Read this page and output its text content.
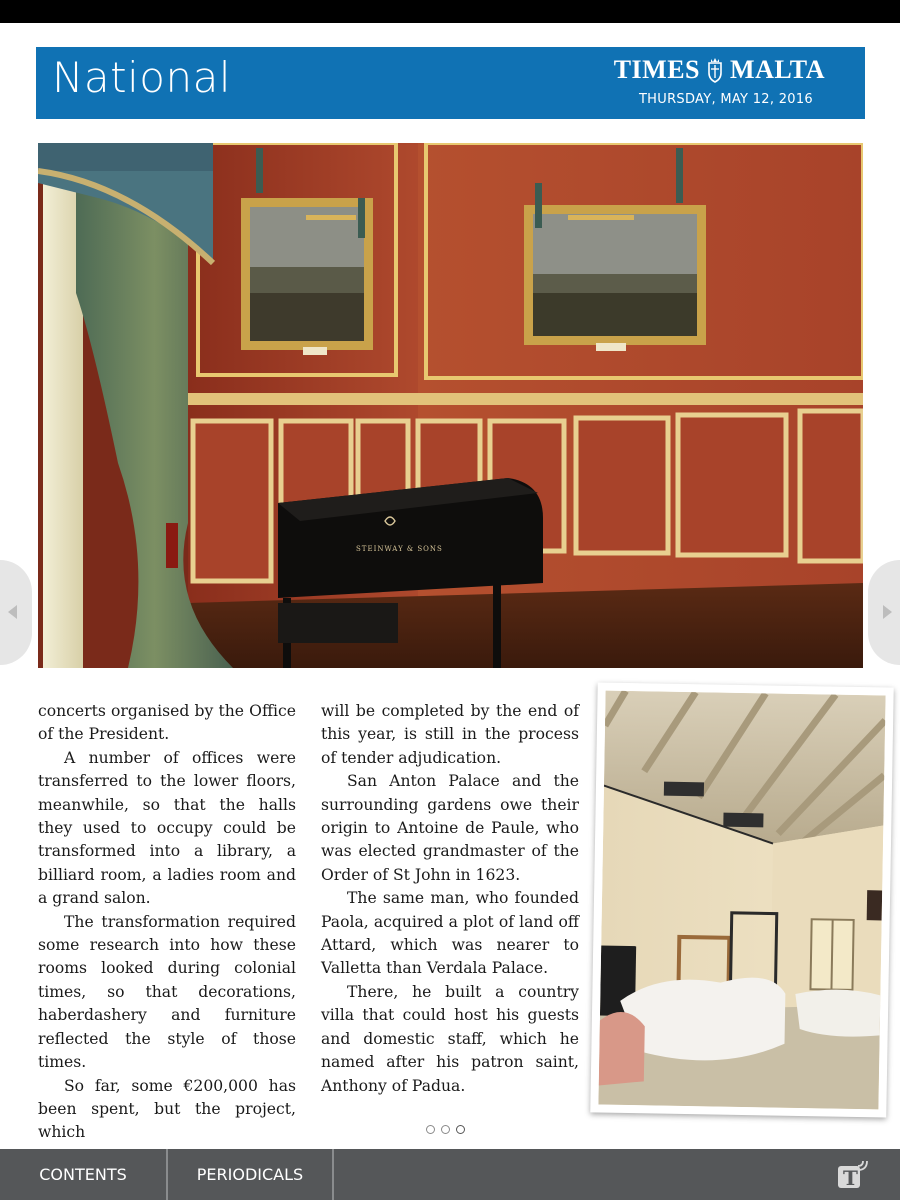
National	TIMES MALTA
THURSDAY, MAY 12, 2016
STEINWAY & SONS

concerts organised by the Office of the President.

A number of offices were transferred to the lower floors, meanwhile, so that the halls they used to occupy could be transformed into a library, a billiard room, a ladies room and a grand salon.

The transformation required some research into how these rooms looked during colonial times, so that decorations, haberdashery and furniture reflected the style of those times.

So far, some €200,000 has been spent, but the project, which

will be completed by the end of this year, is still in the process of tender adjudication.

San Anton Palace and the surrounding gardens owe their origin to Antoine de Paule, who was elected grandmaster of the Order of St John in 1623.

The same man, who founded Paola, acquired a plot of land off Attard, which was nearer to Valletta than Verdala Palace.

There, he built a country villa that could host his guests and domestic staff, which he named after his patron saint, Anthony of Padua.

CONTENTS	PERIODICALS	T
